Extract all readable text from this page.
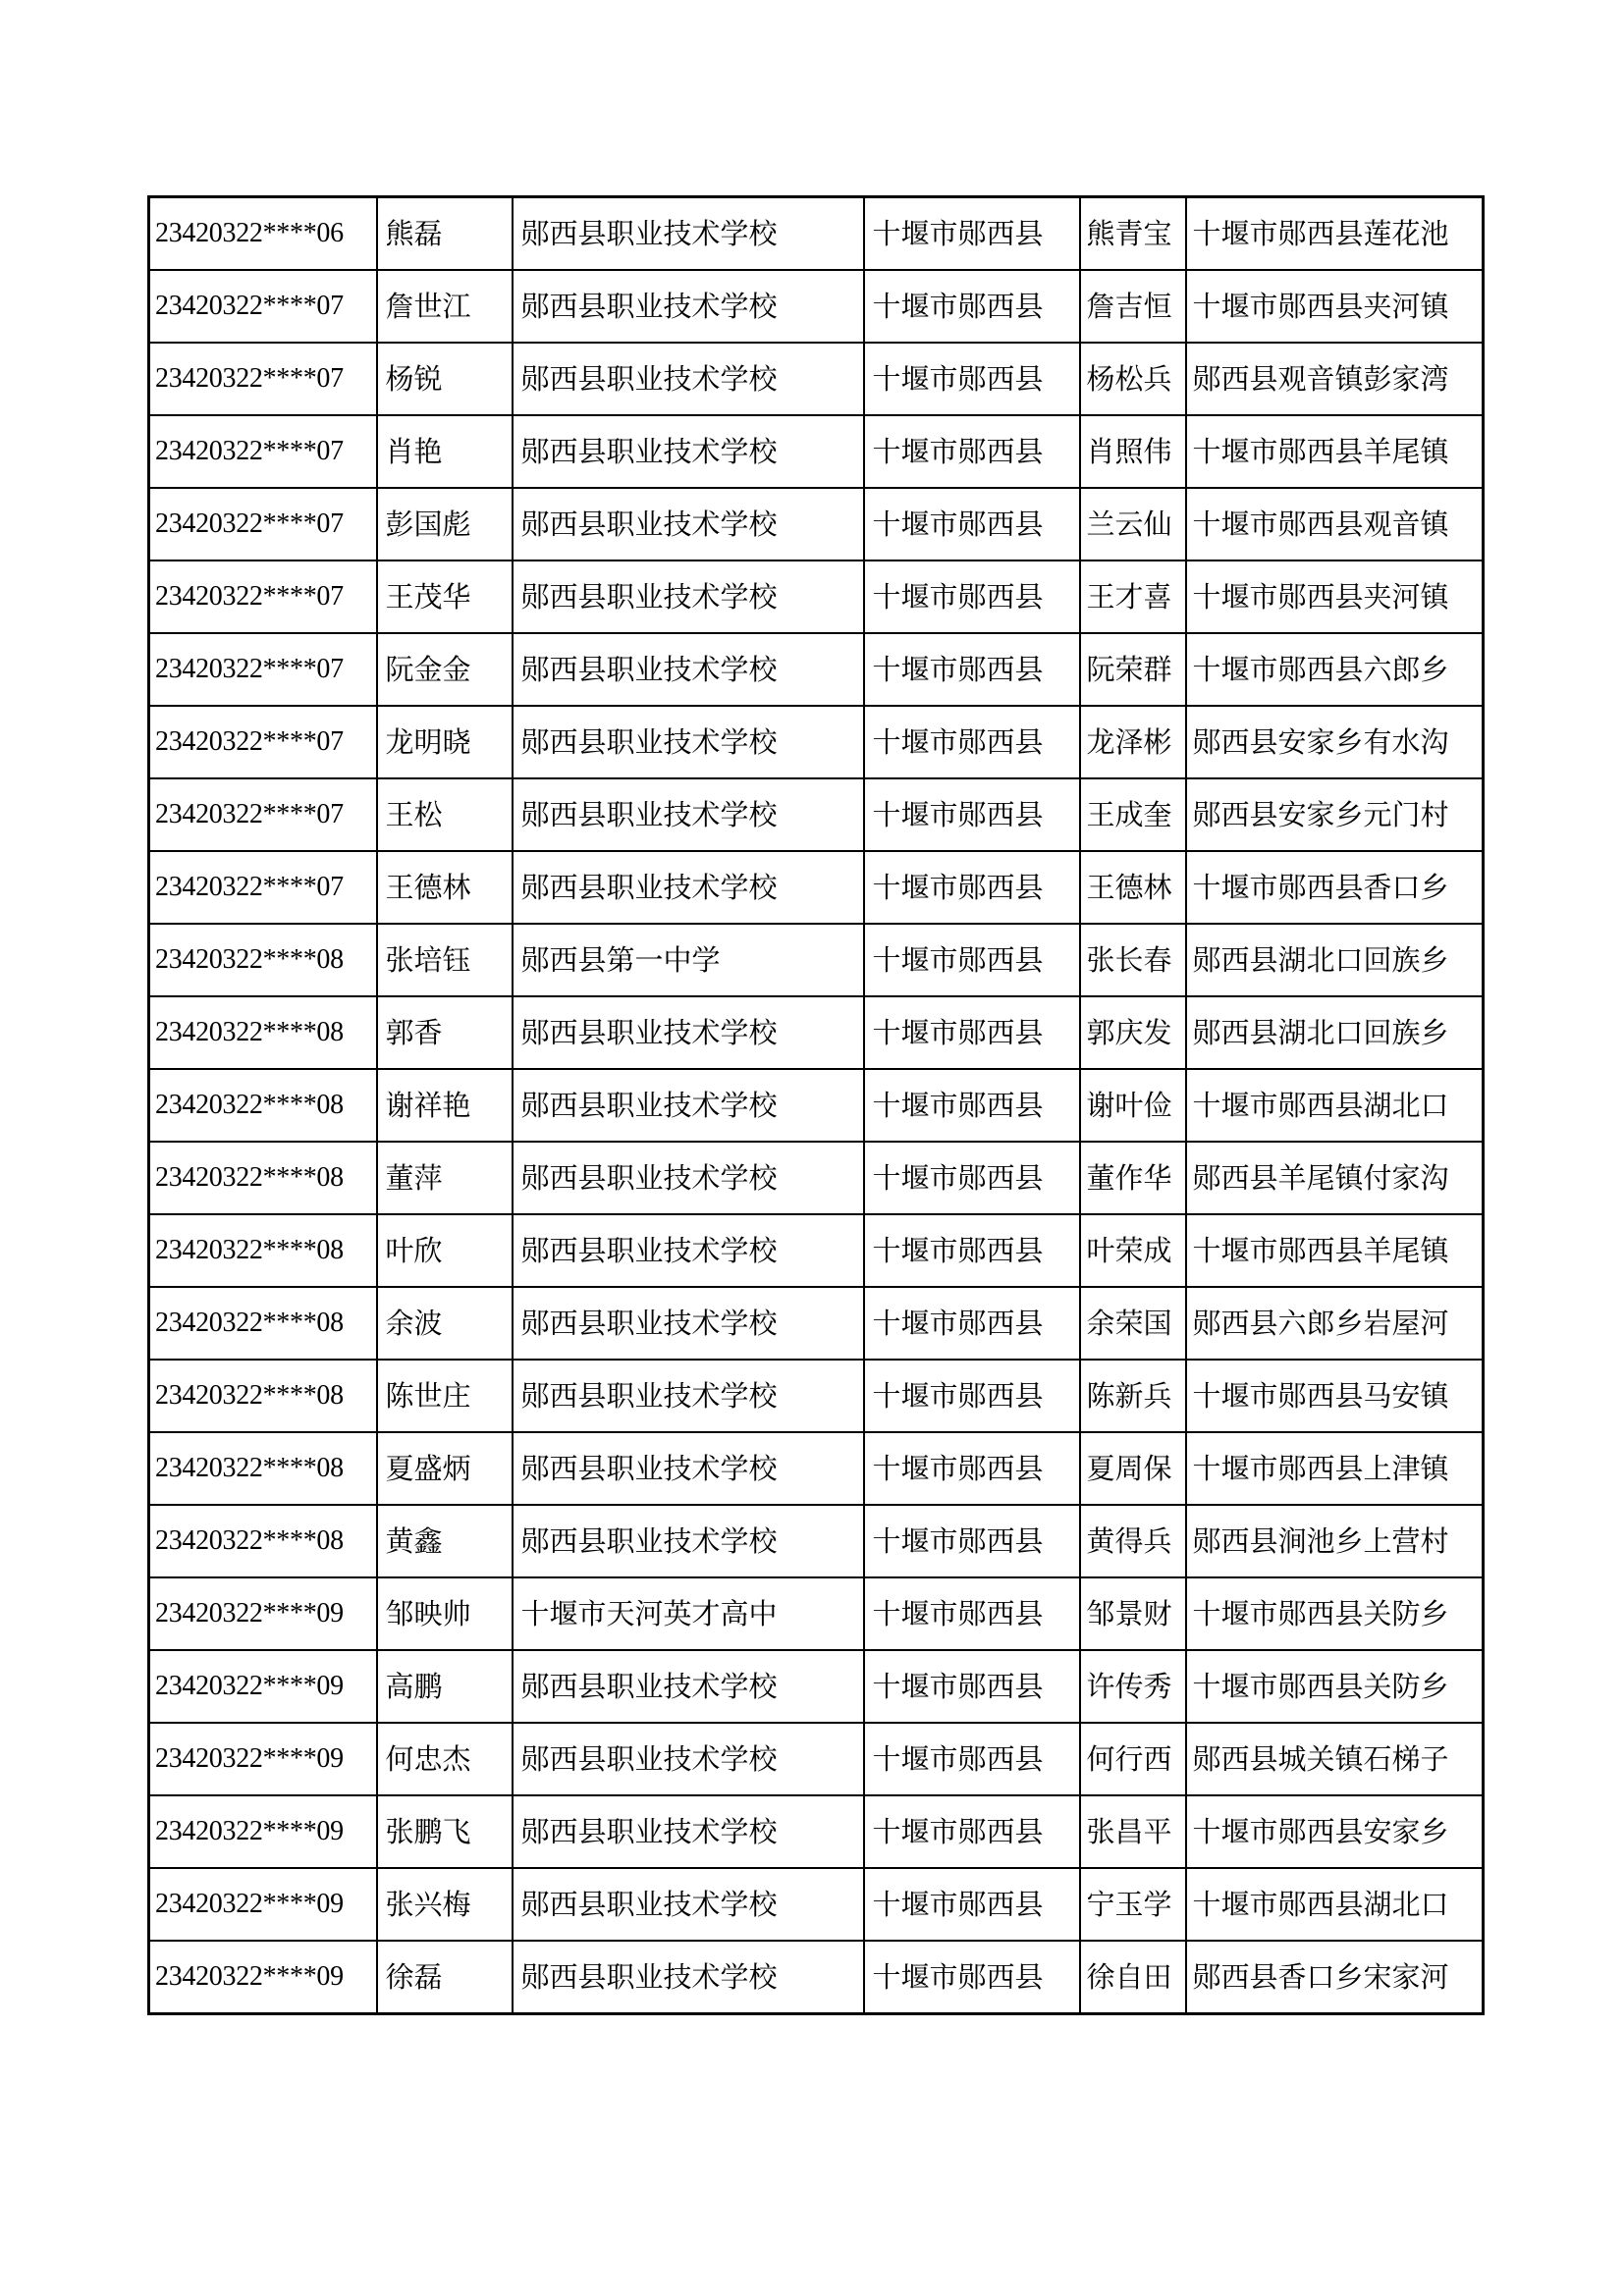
23420322****06	熊磊	郧西县职业技术学校	十堰市郧西县	熊青宝	十堰市郧西县莲花池
23420322****07	詹世江	郧西县职业技术学校	十堰市郧西县	詹吉恒	十堰市郧西县夹河镇
23420322****07	杨锐	郧西县职业技术学校	十堰市郧西县	杨松兵	郧西县观音镇彭家湾
23420322****07	肖艳	郧西县职业技术学校	十堰市郧西县	肖照伟	十堰市郧西县羊尾镇
23420322****07	彭国彪	郧西县职业技术学校	十堰市郧西县	兰云仙	十堰市郧西县观音镇
23420322****07	王茂华	郧西县职业技术学校	十堰市郧西县	王才喜	十堰市郧西县夹河镇
23420322****07	阮金金	郧西县职业技术学校	十堰市郧西县	阮荣群	十堰市郧西县六郎乡
23420322****07	龙明晓	郧西县职业技术学校	十堰市郧西县	龙泽彬	郧西县安家乡有水沟
23420322****07	王松	郧西县职业技术学校	十堰市郧西县	王成奎	郧西县安家乡元门村
23420322****07	王德林	郧西县职业技术学校	十堰市郧西县	王德林	十堰市郧西县香口乡
23420322****08	张培钰	郧西县第一中学	十堰市郧西县	张长春	郧西县湖北口回族乡
23420322****08	郭香	郧西县职业技术学校	十堰市郧西县	郭庆发	郧西县湖北口回族乡
23420322****08	谢祥艳	郧西县职业技术学校	十堰市郧西县	谢叶俭	十堰市郧西县湖北口
23420322****08	董萍	郧西县职业技术学校	十堰市郧西县	董作华	郧西县羊尾镇付家沟
23420322****08	叶欣	郧西县职业技术学校	十堰市郧西县	叶荣成	十堰市郧西县羊尾镇
23420322****08	余波	郧西县职业技术学校	十堰市郧西县	余荣国	郧西县六郎乡岩屋河
23420322****08	陈世庄	郧西县职业技术学校	十堰市郧西县	陈新兵	十堰市郧西县马安镇
23420322****08	夏盛炳	郧西县职业技术学校	十堰市郧西县	夏周保	十堰市郧西县上津镇
23420322****08	黄鑫	郧西县职业技术学校	十堰市郧西县	黄得兵	郧西县涧池乡上营村
23420322****09	邹映帅	十堰市天河英才高中	十堰市郧西县	邹景财	十堰市郧西县关防乡
23420322****09	高鹏	郧西县职业技术学校	十堰市郧西县	许传秀	十堰市郧西县关防乡
23420322****09	何忠杰	郧西县职业技术学校	十堰市郧西县	何行西	郧西县城关镇石梯子
23420322****09	张鹏飞	郧西县职业技术学校	十堰市郧西县	张昌平	十堰市郧西县安家乡
23420322****09	张兴梅	郧西县职业技术学校	十堰市郧西县	宁玉学	十堰市郧西县湖北口
23420322****09	徐磊	郧西县职业技术学校	十堰市郧西县	徐自田	郧西县香口乡宋家河
